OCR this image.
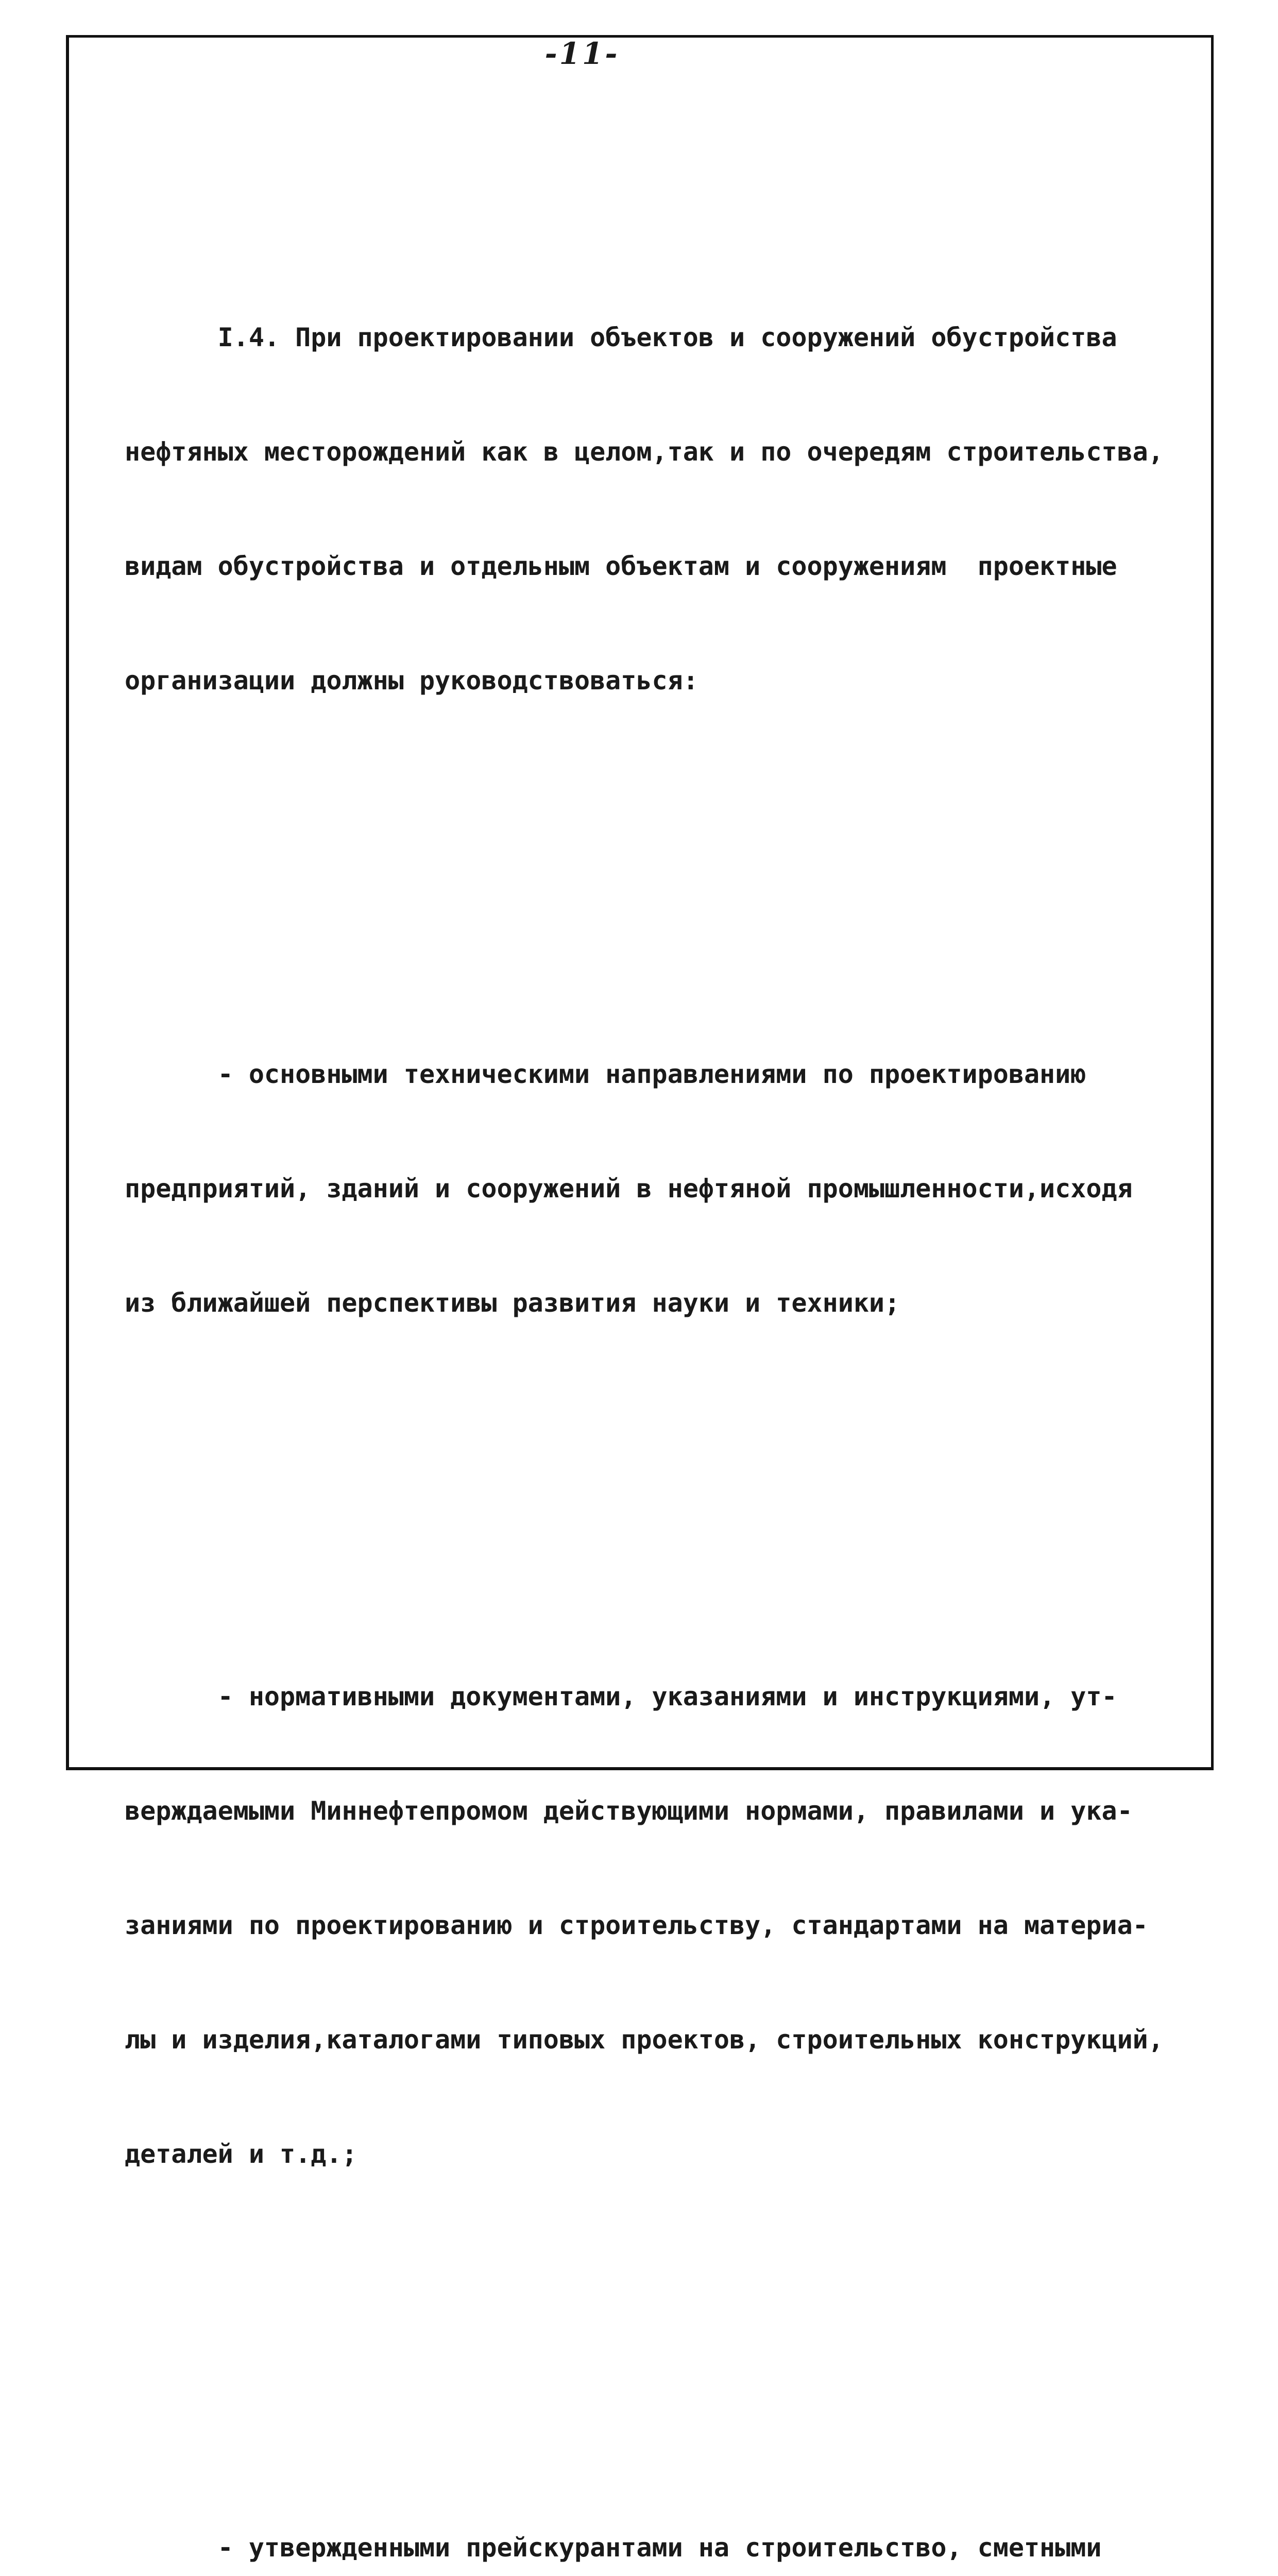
-11-

I.4. При проектировании объектов и сооружений обустройства

нефтяных месторождений как в целом,так и по очередям строительства,

видам обустройства и отдельным объектам и сооружениям  проектные

организации должны руководствоваться:

- основными техническими направлениями по проектированию

предприятий, зданий и сооружений в нефтяной промышленности,исходя

из ближайшей перспективы развития науки и техники;

- нормативными документами, указаниями и инструкциями, ут-

верждаемыми Миннефтепромом действующими нормами, правилами и ука-

заниями по проектированию и строительству, стандартами на материа-

лы и изделия,каталогами типовых проектов, строительных конструкций,

деталей и т.д.;

- утвержденными прейскурантами на строительство, сметными
